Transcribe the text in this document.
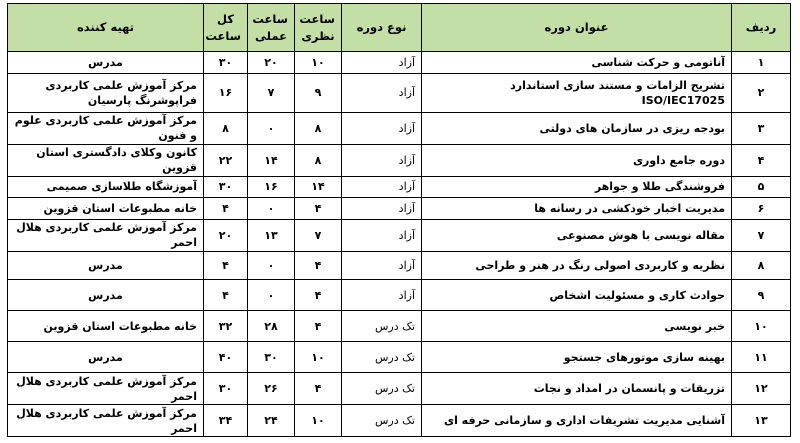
ردیف	عنوان دوره	نوع دوره	ساعت نظری	ساعت عملی	کل ساعت	تهیه کننده
۱	آناتومی و حرکت شناسی	آزاد	۱۰	۲۰	۳۰	مدرس
۲	تشریح الزامات و مستند سازی استاندارد ISO/IEC17025	آزاد	۹	۷	۱۶	مرکز آموزش علمی کاربردی فراپوشرنگ پارسیان
۳	بودجه ریزی در سازمان های دولتی	آزاد	۸	۰	۸	مرکز آموزش علمی کاربردی علوم و فنون
۴	دوره جامع داوری	آزاد	۸	۱۴	۲۲	کانون وکلای دادگستری استان قزوین
۵	فروشندگی طلا و جواهر	آزاد	۱۴	۱۶	۳۰	آموزشگاه طلاسازی صمیمی
۶	مدیریت اخبار خودکشی در رسانه ها	آزاد	۴	۰	۴	خانه مطبوعات استان قزوین
۷	مقاله نویسی با هوش مصنوعی	آزاد	۷	۱۳	۲۰	مرکز آموزش علمی کاربردی هلال احمر
۸	نظریه و کاربردی اصولی رنگ در هنر و طراحی	آزاد	۴	۰	۴	مدرس
۹	حوادث کاری و مسئولیت اشخاص	آزاد	۴	۰	۴	مدرس
۱۰	خبر نویسی	تک درس	۴	۲۸	۳۲	خانه مطبوعات استان قزوین
۱۱	بهینه سازی موتورهای جستجو	تک درس	۱۰	۳۰	۴۰	مدرس
۱۲	تزریقات و پانسمان در امداد و نجات	تک درس	۴	۲۶	۳۰	مرکز آموزش علمی کاربردی هلال احمر
۱۳	آشنایی مدیریت تشریفات اداری و سازمانی حرفه ای	تک درس	۱۰	۲۴	۳۴	مرکز آموزش علمی کاربردی هلال احمر
